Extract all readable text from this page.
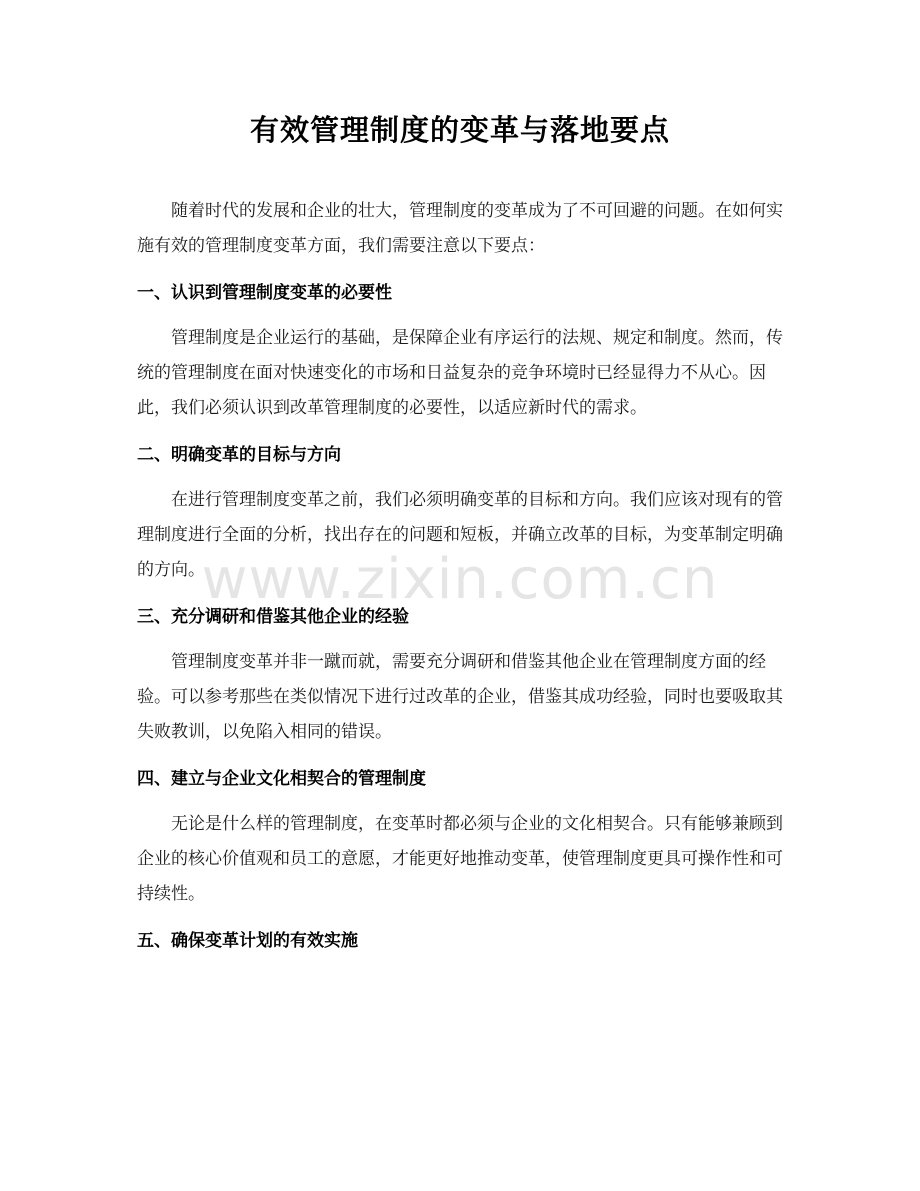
有效管理制度的变革与落地要点

随着时代的发展和企业的壮大，管理制度的变革成为了不可回避的问题。在如何实施有效的管理制度变革方面，我们需要注意以下要点：

一、认识到管理制度变革的必要性

管理制度是企业运行的基础，是保障企业有序运行的法规、规定和制度。然而，传统的管理制度在面对快速变化的市场和日益复杂的竞争环境时已经显得力不从心。因此，我们必须认识到改革管理制度的必要性，以适应新时代的需求。

二、明确变革的目标与方向

在进行管理制度变革之前，我们必须明确变革的目标和方向。我们应该对现有的管理制度进行全面的分析，找出存在的问题和短板，并确立改革的目标，为变革制定明确的方向。

三、充分调研和借鉴其他企业的经验

管理制度变革并非一蹴而就，需要充分调研和借鉴其他企业在管理制度方面的经验。可以参考那些在类似情况下进行过改革的企业，借鉴其成功经验，同时也要吸取其失败教训，以免陷入相同的错误。

四、建立与企业文化相契合的管理制度

无论是什么样的管理制度，在变革时都必须与企业的文化相契合。只有能够兼顾到企业的核心价值观和员工的意愿，才能更好地推动变革，使管理制度更具可操作性和可持续性。

五、确保变革计划的有效实施
www.zixin.com.cn
